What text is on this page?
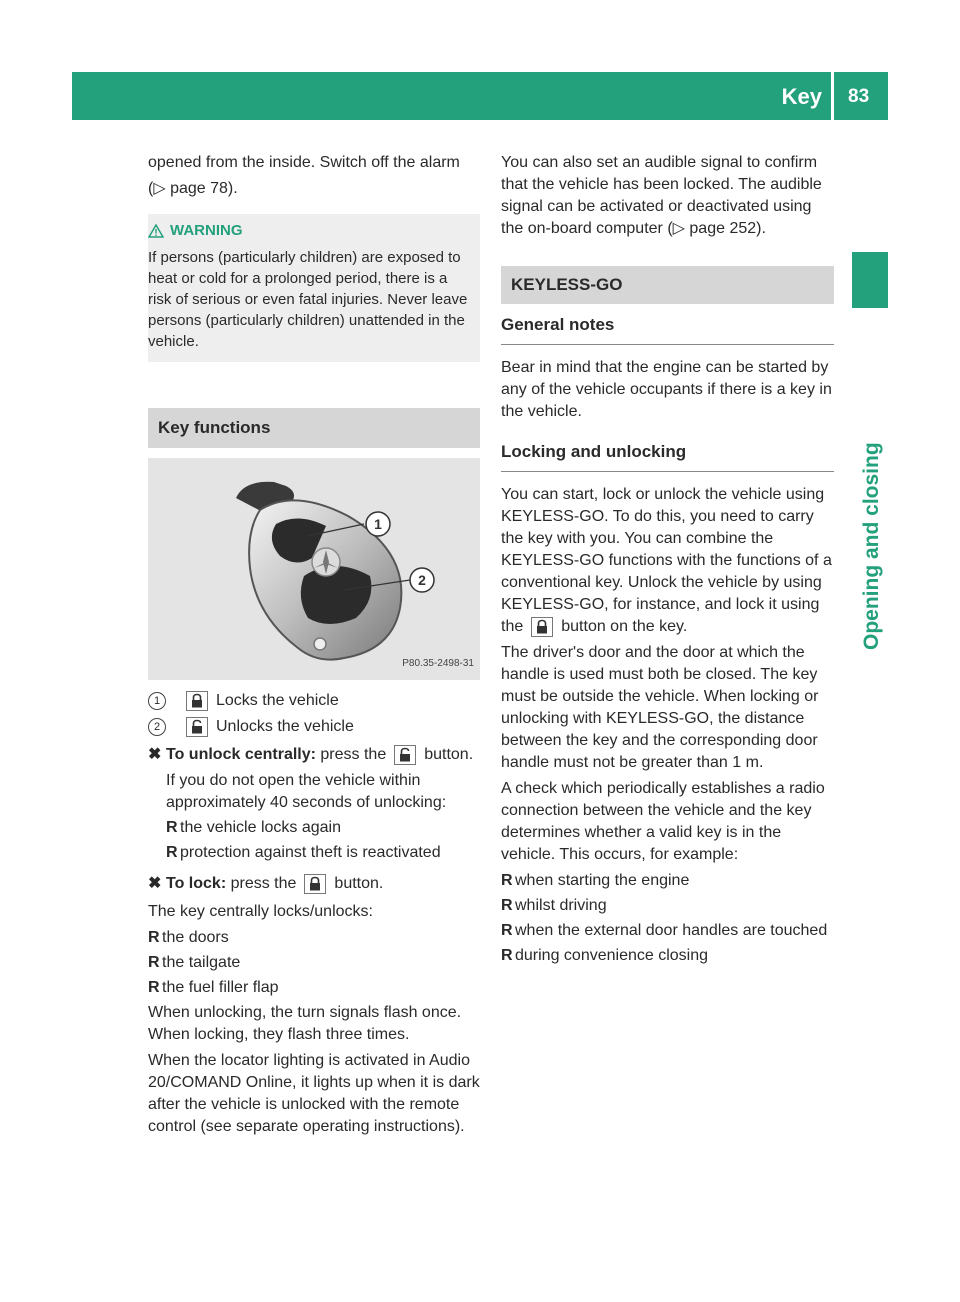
Key 83
Opening and closing

opened from the inside. Switch off the alarm

(▷ page 78).

WARNING
If persons (particularly children) are exposed to heat or cold for a prolonged period, there is a risk of serious or even fatal injuries. Never leave persons (particularly children) unattended in the vehicle.
Key functions
1
2
P80.35-2498-31
1	Locks the vehicle
2	Unlocks the vehicle
✖ To unlock centrally: press the button.
If you do not open the vehicle within approximately 40 seconds of unlocking:
R the vehicle locks again
R protection against theft is reactivated
✖ To lock: press the button.

The key centrally locks/unlocks:

R the doors
R the tailgate
R the fuel filler flap

When unlocking, the turn signals flash once. When locking, they flash three times.

When the locator lighting is activated in Audio 20/COMAND Online, it lights up when it is dark after the vehicle is unlocked with the remote control (see separate operating instructions).

You can also set an audible signal to confirm that the vehicle has been locked. The audible signal can be activated or deactivated using the on-board computer (▷ page 252).

KEYLESS-GO
General notes

Bear in mind that the engine can be started by any of the vehicle occupants if there is a key in the vehicle.

Locking and unlocking

You can start, lock or unlock the vehicle using KEYLESS-GO. To do this, you need to carry the key with you. You can combine the KEYLESS-GO functions with the functions of a conventional key. Unlock the vehicle by using KEYLESS-GO, for instance, and lock it using the button on the key.

The driver's door and the door at which the handle is used must both be closed. The key must be outside the vehicle. When locking or unlocking with KEYLESS-GO, the distance between the key and the corresponding door handle must not be greater than 1 m.

A check which periodically establishes a radio connection between the vehicle and the key determines whether a valid key is in the vehicle. This occurs, for example:

R when starting the engine
R whilst driving
R when the external door handles are touched
R during convenience closing
